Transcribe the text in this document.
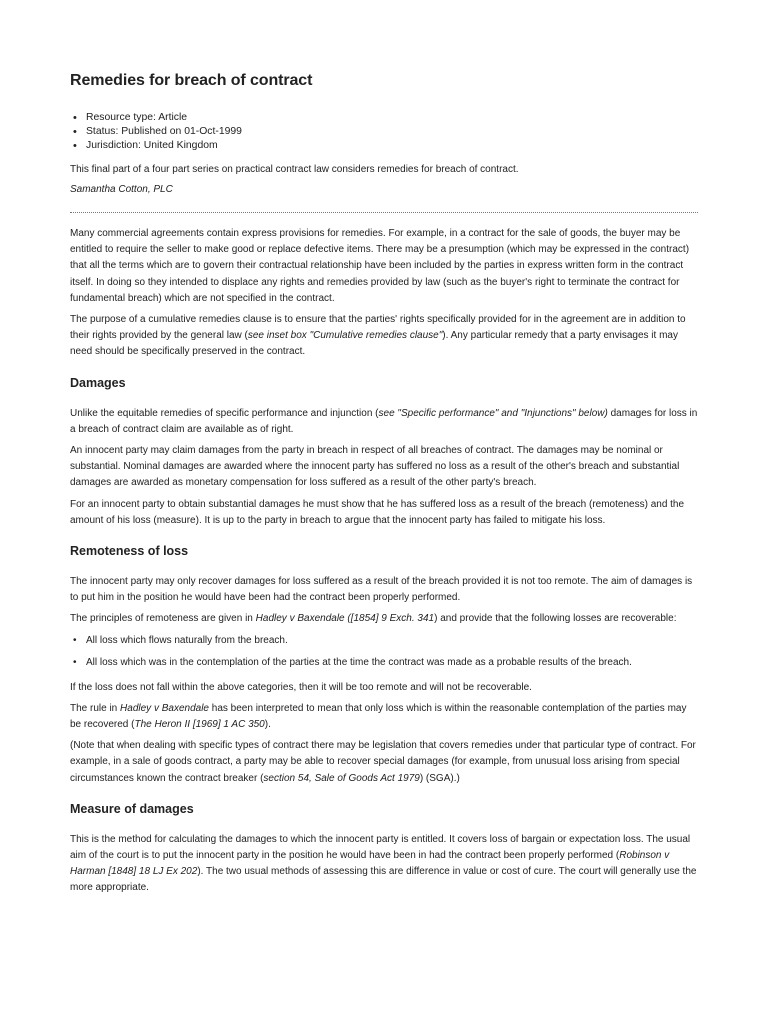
Remedies for breach of contract
• Resource type: Article
• Status: Published on 01-Oct-1999
• Jurisdiction: United Kingdom

This final part of a four part series on practical contract law considers remedies for breach of contract.

Samantha Cotton, PLC

Many commercial agreements contain express provisions for remedies. For example, in a contract for the sale of goods, the buyer may be entitled to require the seller to make good or replace defective items. There may be a presumption (which may be expressed in the contract) that all the terms which are to govern their contractual relationship have been included by the parties in express written form in the contract itself. In doing so they intended to displace any rights and remedies provided by law (such as the buyer's right to terminate the contract for fundamental breach) which are not specified in the contract.

The purpose of a cumulative remedies clause is to ensure that the parties' rights specifically provided for in the agreement are in addition to their rights provided by the general law (see inset box "Cumulative remedies clause"). Any particular remedy that a party envisages it may need should be specifically preserved in the contract.

Damages

Unlike the equitable remedies of specific performance and injunction (see "Specific performance" and "Injunctions" below) damages for loss in a breach of contract claim are available as of right.

An innocent party may claim damages from the party in breach in respect of all breaches of contract. The damages may be nominal or substantial. Nominal damages are awarded where the innocent party has suffered no loss as a result of the other's breach and substantial damages are awarded as monetary compensation for loss suffered as a result of the other party's breach.

For an innocent party to obtain substantial damages he must show that he has suffered loss as a result of the breach (remoteness) and the amount of his loss (measure). It is up to the party in breach to argue that the innocent party has failed to mitigate his loss.

Remoteness of loss

The innocent party may only recover damages for loss suffered as a result of the breach provided it is not too remote. The aim of damages is to put him in the position he would have been had the contract been properly performed.

The principles of remoteness are given in Hadley v Baxendale ([1854] 9 Exch. 341) and provide that the following losses are recoverable:

• All loss which flows naturally from the breach.
• All loss which was in the contemplation of the parties at the time the contract was made as a probable results of the breach.

If the loss does not fall within the above categories, then it will be too remote and will not be recoverable.

The rule in Hadley v Baxendale has been interpreted to mean that only loss which is within the reasonable contemplation of the parties may be recovered (The Heron II [1969] 1 AC 350).

(Note that when dealing with specific types of contract there may be legislation that covers remedies under that particular type of contract. For example, in a sale of goods contract, a party may be able to recover special damages (for example, from unusual loss arising from special circumstances known the contract breaker (section 54, Sale of Goods Act 1979) (SGA).)

Measure of damages

This is the method for calculating the damages to which the innocent party is entitled. It covers loss of bargain or expectation loss. The usual aim of the court is to put the innocent party in the position he would have been in had the contract been properly performed (Robinson v Harman [1848] 18 LJ Ex 202). The two usual methods of assessing this are difference in value or cost of cure. The court will generally use the more appropriate.
